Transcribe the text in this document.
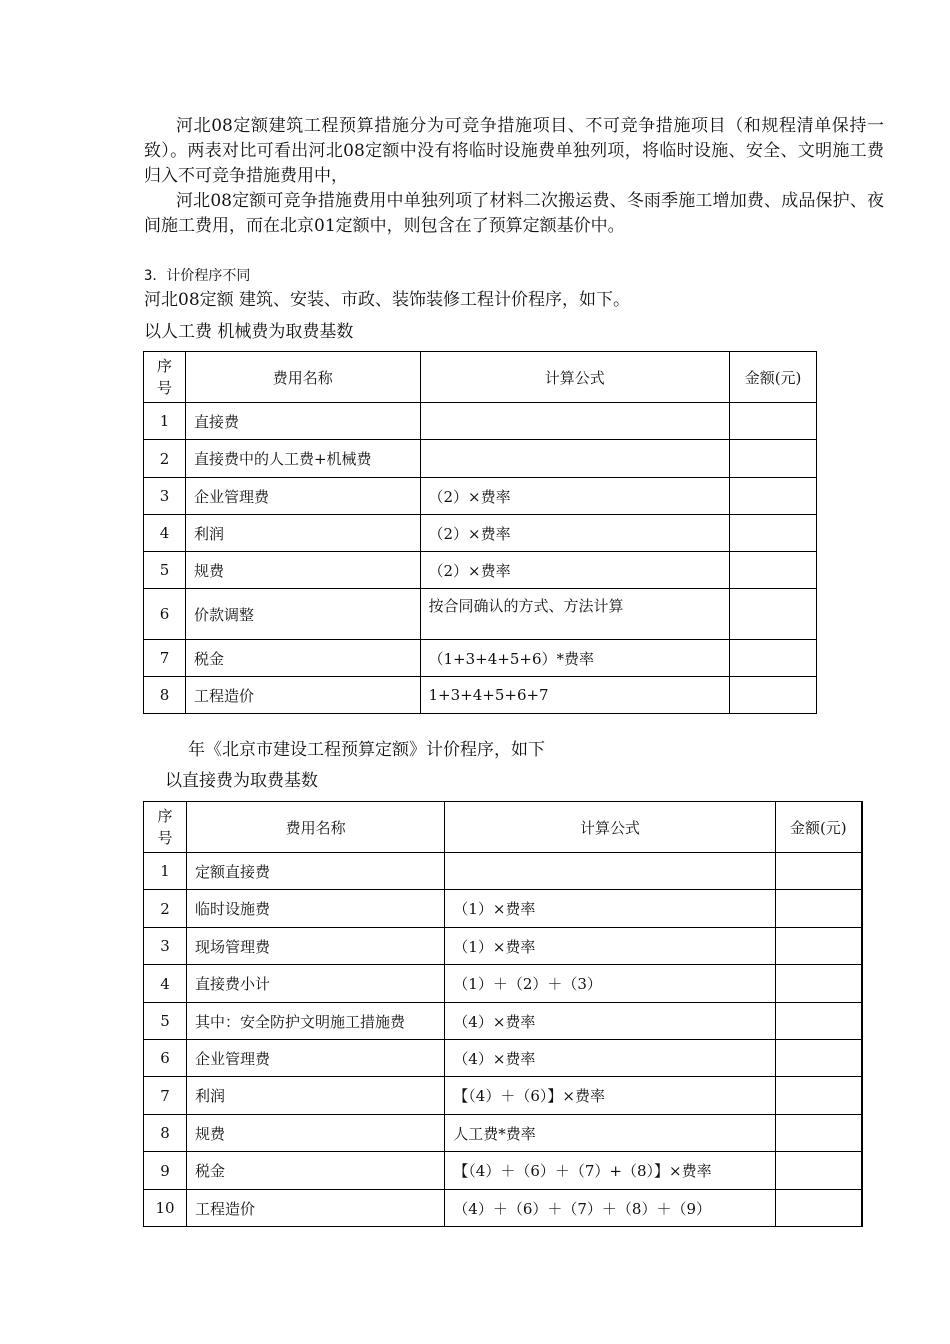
河北08定额建筑工程预算措施分为可竞争措施项目、不可竞争措施项目（和规程清单保持一致）。两表对比可看出河北08定额中没有将临时设施费单独列项，将临时设施、安全、文明施工费归入不可竞争措施费用中，
河北08定额可竞争措施费用中单独列项了材料二次搬运费、冬雨季施工增加费、成品保护、夜间施工费用，而在北京01定额中，则包含在了预算定额基价中。
3．计价程序不同
河北08定额 建筑、安装、市政、装饰装修工程计价程序，如下。
以人工费 机械费为取费基数
序
号	费用名称	计算公式	金额(元)
1	直接费		
2	直接费中的人工费+机械费		
3	企业管理费	（2）×费率	
4	利润	（2）×费率	
5	规费	（2）×费率	
6	价款调整	按合同确认的方式、方法计算	
7	税金	（1+3+4+5+6）*费率	
8	工程造价	1+3+4+5+6+7	
年《北京市建设工程预算定额》计价程序，如下
以直接费为取费基数
序
号	费用名称	计算公式	金额(元)
1	定额直接费		
2	临时设施费	（1）×费率	
3	现场管理费	（1）×费率	
4	直接费小计	（1）＋（2）＋（3）	
5	其中：安全防护文明施工措施费	（4）×费率	
6	企业管理费	（4）×费率	
7	利润	【（4）＋（6）】×费率	
8	规费	人工费*费率	
9	税金	【（4）＋（6）＋（7）+（8）】×费率	
10	工程造价	（4）＋（6）＋（7）＋（8）＋（9）	
